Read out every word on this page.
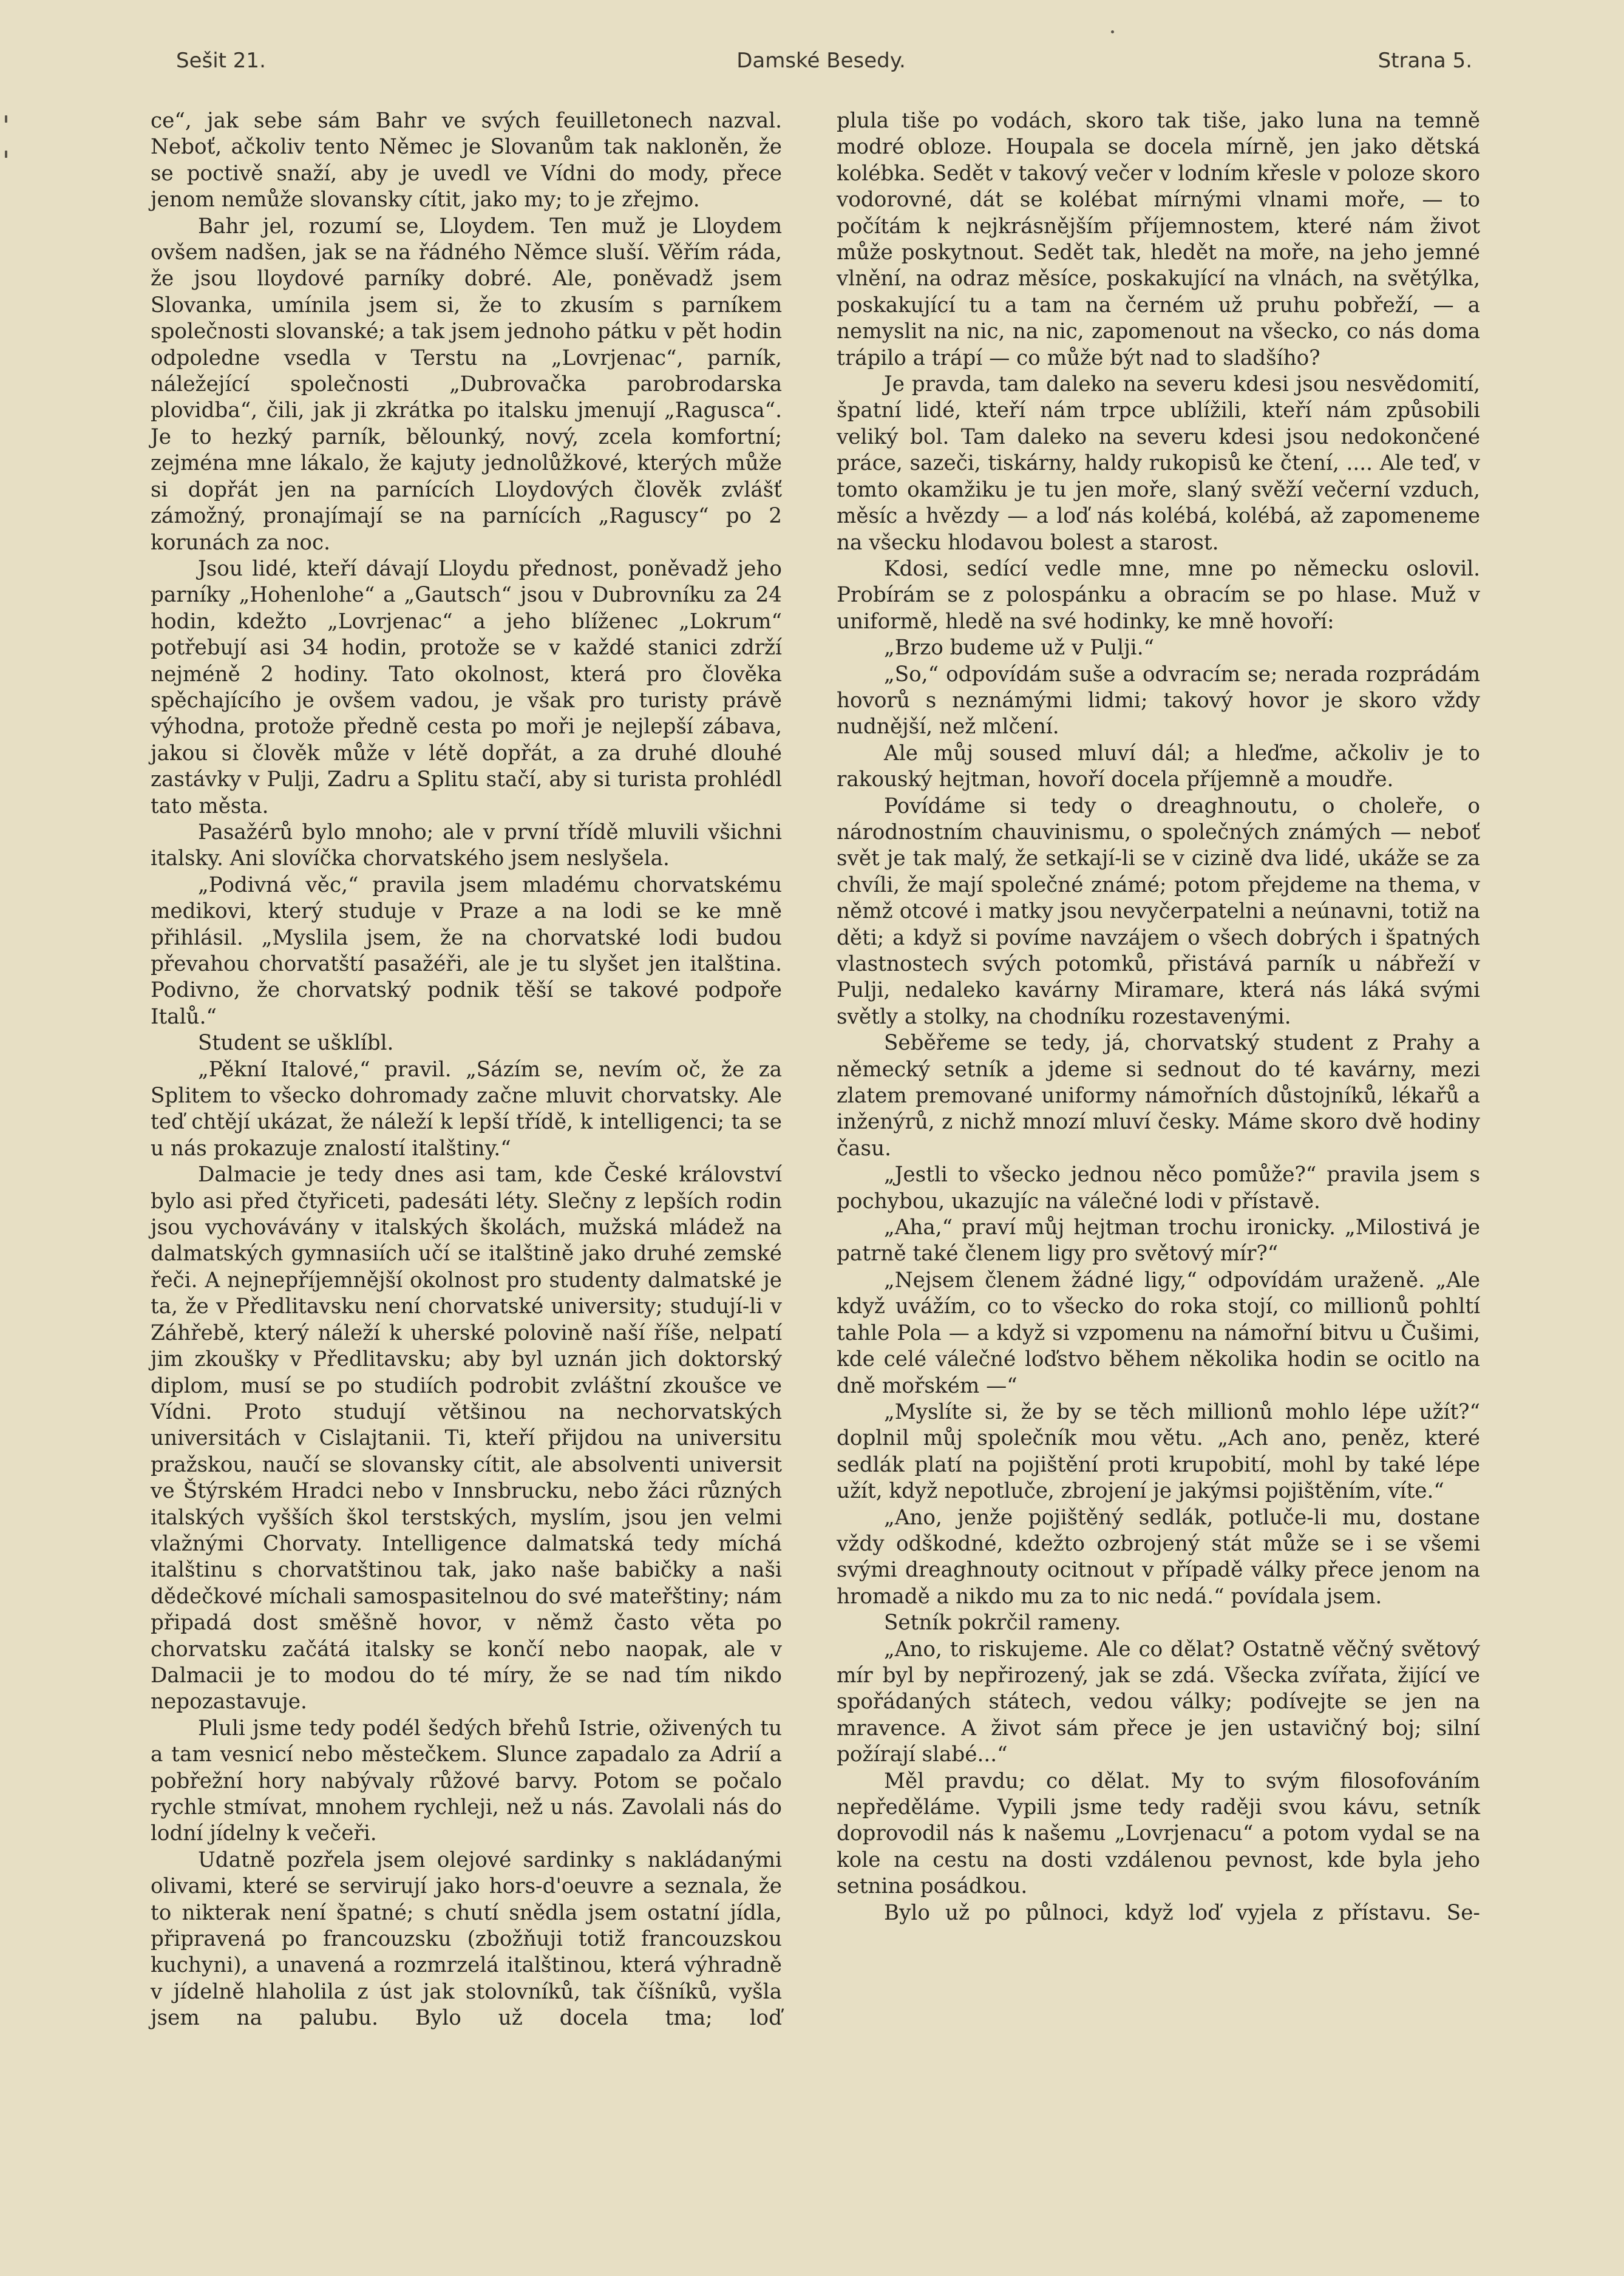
Sešit 21.	Damské Besedy.	Strana 5.

ce“, jak sebe sám Bahr ve svých feuilletonech nazval. Neboť, ačkoliv tento Němec je Slovanům tak nakloněn, že se poctivě snaží, aby je uvedl ve Vídni do mody, přece jenom nemůže slovansky cítit, jako my; to je zřejmo.

Bahr jel, rozumí se, Lloydem. Ten muž je Lloydem ovšem nadšen, jak se na řádného Němce sluší. Věřím ráda, že jsou lloydové parníky dobré. Ale, poněvadž jsem Slovanka, umínila jsem si, že to zkusím s parníkem společnosti slovanské; a tak jsem jednoho pátku v pět hodin odpoledne vsedla v Terstu na „Lovrjenac“, parník, náležející společnosti „Dubrovačka parobrodarska plovidba“, čili, jak ji zkrátka po italsku jmenují „Ragusca“. Je to hezký parník, bělounký, nový, zcela komfortní; zejména mne lákalo, že kajuty jednolůžkové, kterých může si dopřát jen na parnících Lloydových člověk zvlášť zámožný, pronajímají se na parnících „Raguscy“ po 2 korunách za noc.

Jsou lidé, kteří dávají Lloydu přednost, poněvadž jeho parníky „Hohenlohe“ a „Gautsch“ jsou v Dubrovníku za 24 hodin, kdežto „Lovrjenac“ a jeho blíženec „Lokrum“ potřebují asi 34 hodin, protože se v každé stanici zdrží nejméně 2 hodiny. Tato okolnost, která pro člověka spěchajícího je ovšem vadou, je však pro turisty právě výhodna, protože předně cesta po moři je nejlepší zábava, jakou si člověk může v létě dopřát, a za druhé dlouhé zastávky v Pulji, Zadru a Splitu stačí, aby si turista prohlédl tato města.

Pasažérů bylo mnoho; ale v první třídě mluvili všichni italsky. Ani slovíčka chorvatského jsem neslyšela.

„Podivná věc,“ pravila jsem mladému chorvatskému medikovi, který studuje v Praze a na lodi se ke mně přihlásil. „Myslila jsem, že na chorvatské lodi budou převahou chorvatští pasažéři, ale je tu slyšet jen italština. Podivno, že chorvatský podnik těší se takové podpoře Italů.“

Student se ušklíbl.

„Pěkní Italové,“ pravil. „Sázím se, nevím oč, že za Splitem to všecko dohromady začne mluvit chorvatsky. Ale teď chtějí ukázat, že náleží k lepší třídě, k intelligenci; ta se u nás prokazuje znalostí italštiny.“

Dalmacie je tedy dnes asi tam, kde České království bylo asi před čtyřiceti, padesáti léty. Slečny z lepších rodin jsou vychovávány v italských školách, mužská mládež na dalmatských gymnasiích učí se italštině jako druhé zemské řeči. A nejnepříjemnější okolnost pro studenty dalmatské je ta, že v Předlitavsku není chorvatské university; studují-li v Záhřebě, který náleží k uherské polovině naší říše, nelpatí jim zkoušky v Předlitavsku; aby byl uznán jich doktorský diplom, musí se po studiích podrobit zvláštní zkoušce ve Vídni. Proto studují většinou na nechorvatských universitách v Cislajtanii. Ti, kteří přijdou na universitu pražskou, naučí se slovansky cítit, ale absolventi universit ve Štýrském Hradci nebo v Innsbrucku, nebo žáci různých italských vyšších škol terstských, myslím, jsou jen velmi vlažnými Chorvaty. Intelligence dalmatská tedy míchá italštinu s chorvatštinou tak, jako naše babičky a naši dědečkové míchali samospasitelnou do své mateřštiny; nám připadá dost směšně hovor, v němž často věta po chorvatsku začátá italsky se končí nebo naopak, ale v Dalmacii je to modou do té míry, že se nad tím nikdo nepozastavuje.

Pluli jsme tedy podél šedých břehů Istrie, oživených tu a tam vesnicí nebo městečkem. Slunce zapadalo za Adrií a pobřežní hory nabývaly růžové barvy. Potom se počalo rychle stmívat, mnohem rychleji, než u nás. Zavolali nás do lodní jídelny k večeři.

Udatně pozřela jsem olejové sardinky s nakládanými olivami, které se servirují jako hors-d'oeuvre a seznala, že to nikterak není špatné; s chutí snědla jsem ostatní jídla, připravená po francouzsku (zbožňuji totiž francouzskou kuchyni), a unavená a rozmrzelá italštinou, která výhradně v jídelně hlaholila z úst jak stolovníků, tak číšníků, vyšla jsem na palubu. Bylo už docela tma; loď

plula tiše po vodách, skoro tak tiše, jako luna na temně modré obloze. Houpala se docela mírně, jen jako dětská kolébka. Sedět v takový večer v lodním křesle v poloze skoro vodorovné, dát se kolébat mírnými vlnami moře, — to počítám k nejkrásnějším příjemnostem, které nám život může poskytnout. Sedět tak, hledět na moře, na jeho jemné vlnění, na odraz měsíce, poskakující na vlnách, na světýlka, poskakující tu a tam na černém už pruhu pobřeží, — a nemyslit na nic, na nic, zapomenout na všecko, co nás doma trápilo a trápí — co může být nad to sladšího?

Je pravda, tam daleko na severu kdesi jsou nesvědomití, špatní lidé, kteří nám trpce ublížili, kteří nám způsobili veliký bol. Tam daleko na severu kdesi jsou nedokončené práce, sazeči, tiskárny, haldy rukopisů ke čtení, .... Ale teď, v tomto okamžiku je tu jen moře, slaný svěží večerní vzduch, měsíc a hvězdy — a loď nás kolébá, kolébá, až zapomeneme na všecku hlodavou bolest a starost.

Kdosi, sedící vedle mne, mne po německu oslovil. Probírám se z polospánku a obracím se po hlase. Muž v uniformě, hledě na své hodinky, ke mně hovoří:

„Brzo budeme už v Pulji.“

„So,“ odpovídám suše a odvracím se; nerada rozprádám hovorů s neznámými lidmi; takový hovor je skoro vždy nudnější, než mlčení.

Ale můj soused mluví dál; a hleďme, ačkoliv je to rakouský hejtman, hovoří docela příjemně a moudře.

Povídáme si tedy o dreaghnoutu, o choleře, o národnostním chauvinismu, o společných známých — neboť svět je tak malý, že setkají-li se v cizině dva lidé, ukáže se za chvíli, že mají společné známé; potom přejdeme na thema, v němž otcové i matky jsou nevyčerpatelni a neúnavni, totiž na děti; a když si povíme navzájem o všech dobrých i špatných vlastnostech svých potomků, přistává parník u nábřeží v Pulji, nedaleko kavárny Miramare, která nás láká svými světly a stolky, na chodníku rozestavenými.

Seběřeme se tedy, já, chorvatský student z Prahy a německý setník a jdeme si sednout do té kavárny, mezi zlatem premované uniformy námořních důstojníků, lékařů a inženýrů, z nichž mnozí mluví česky. Máme skoro dvě hodiny času.

„Jestli to všecko jednou něco pomůže?“ pravila jsem s pochybou, ukazujíc na válečné lodi v přístavě.

„Aha,“ praví můj hejtman trochu ironicky. „Milostivá je patrně také členem ligy pro světový mír?“

„Nejsem členem žádné ligy,“ odpovídám uraženě. „Ale když uvážím, co to všecko do roka stojí, co millionů pohltí tahle Pola — a když si vzpomenu na námořní bitvu u Čušimi, kde celé válečné loďstvo během několika hodin se ocitlo na dně mořském —“

„Myslíte si, že by se těch millionů mohlo lépe užít?“ doplnil můj společník mou větu. „Ach ano, peněz, které sedlák platí na pojištění proti krupobití, mohl by také lépe užít, když nepotluče, zbrojení je jakýmsi pojištěním, víte.“

„Ano, jenže pojištěný sedlák, potluče-li mu, dostane vždy odškodné, kdežto ozbrojený stát může se i se všemi svými dreaghnouty ocitnout v případě války přece jenom na hromadě a nikdo mu za to nic nedá.“ povídala jsem.

Setník pokrčil rameny.

„Ano, to riskujeme. Ale co dělat? Ostatně věčný světový mír byl by nepřirozený, jak se zdá. Všecka zvířata, žijící ve spořádaných státech, vedou války; podívejte se jen na mravence. A život sám přece je jen ustavičný boj; silní požírají slabé...“

Měl pravdu; co dělat. My to svým filosofováním nepředěláme. Vypili jsme tedy raději svou kávu, setník doprovodil nás k našemu „Lovrjenacu“ a potom vydal se na kole na cestu na dosti vzdálenou pevnost, kde byla jeho setnina posádkou.

Bylo už po půlnoci, když loď vyjela z přístavu. Se-
